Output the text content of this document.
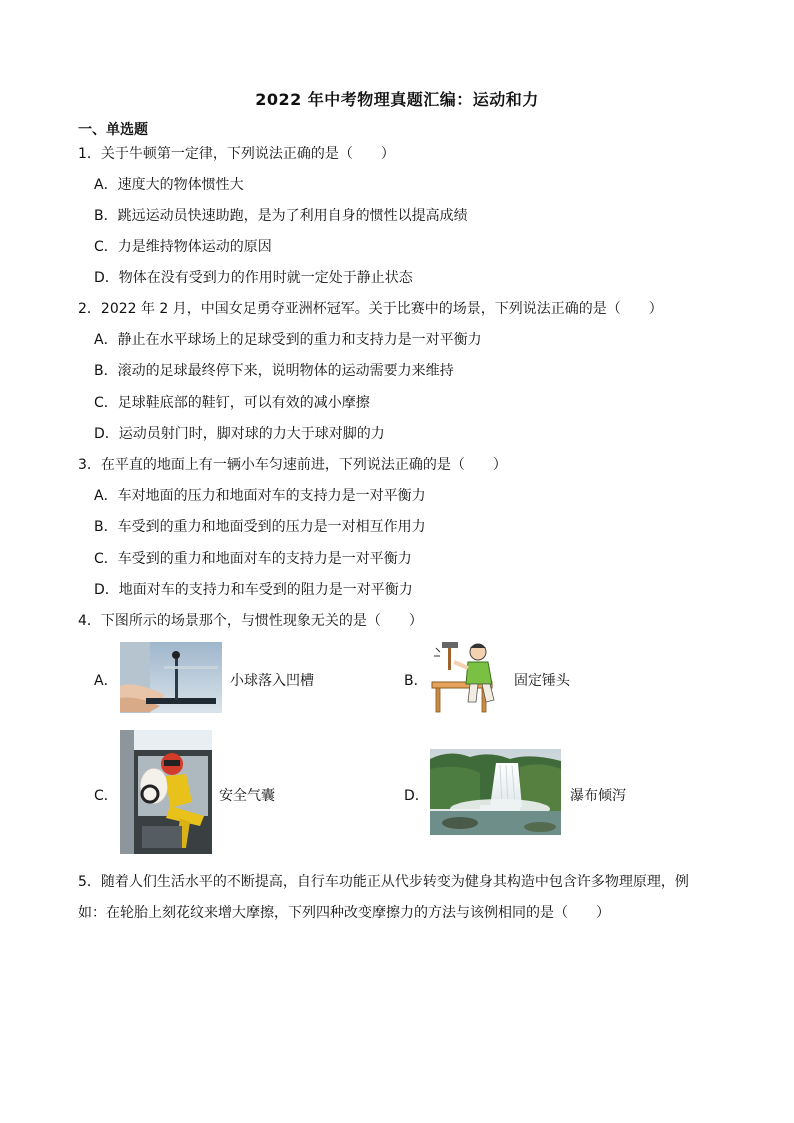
2022 年中考物理真题汇编：运动和力
一、单选题
1．关于牛顿第一定律，下列说法正确的是（　　）
A．速度大的物体惯性大
B．跳远运动员快速助跑，是为了利用自身的惯性以提高成绩
C．力是维持物体运动的原因
D．物体在没有受到力的作用时就一定处于静止状态
2．2022 年 2 月，中国女足勇夺亚洲杯冠军。关于比赛中的场景，下列说法正确的是（　　）
A．静止在水平球场上的足球受到的重力和支持力是一对平衡力
B．滚动的足球最终停下来，说明物体的运动需要力来维持
C．足球鞋底部的鞋钉，可以有效的减小摩擦
D．运动员射门时，脚对球的力大于球对脚的力
3．在平直的地面上有一辆小车匀速前进，下列说法正确的是（　　）
A．车对地面的压力和地面对车的支持力是一对平衡力
B．车受到的重力和地面受到的压力是一对相互作用力
C．车受到的重力和地面对车的支持力是一对平衡力
D．地面对车的支持力和车受到的阻力是一对平衡力
4．下图所示的场景那个，与惯性现象无关的是（　　）
A．	小球落入凹槽	B．	固定锤头
C．	安全气囊	D．	瀑布倾泻
5．随着人们生活水平的不断提高，自行车功能正从代步转变为健身其构造中包含许多物理原理，例
如：在轮胎上刻花纹来增大摩擦，下列四种改变摩擦力的方法与该例相同的是（　　）
